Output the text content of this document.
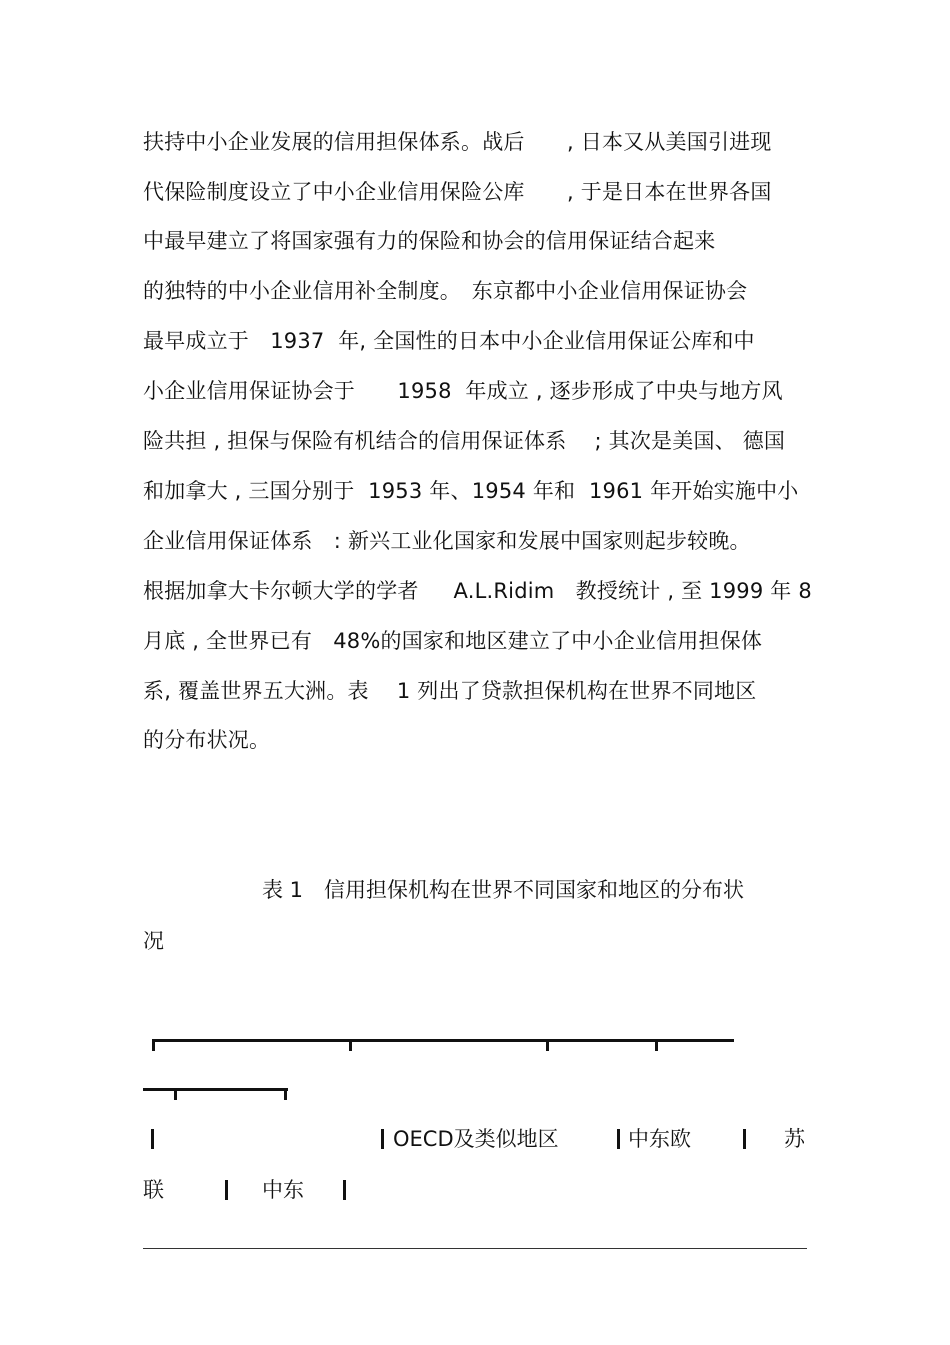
扶持中小企业发展的信用担保体系。战后　　, 日本又从美国引进现
代保险制度设立了中小企业信用保险公库　　, 于是日本在世界各国
中最早建立了将国家强有力的保险和协会的信用保证结合起来
的独特的中小企业信用补全制度。　东京都中小企业信用保证协会
最早成立于　1937  年, 全国性的日本中小企业信用保证公库和中
小企业信用保证协会于　　1958  年成立 , 逐步形成了中央与地方风
险共担 , 担保与保险有机结合的信用保证体系　 ; 其次是美国、 德国
和加拿大 , 三国分别于  1953 年、1954 年和  1961 年开始实施中小
企业信用保证体系　: 新兴工业化国家和发展中国家则起步较晚。
根据加拿大卡尔顿大学的学者　  A.L.Ridim　教授统计 , 至 1999 年 8
月底 , 全世界已有　48%的国家和地区建立了中小企业信用担保体
系, 覆盖世界五大洲。表　 1 列出了贷款担保机构在世界不同地区
的分布状况。
表 1　信用担保机构在世界不同国家和地区的分布状
况
OECD及类似地区	中东欧	苏
联	中东
